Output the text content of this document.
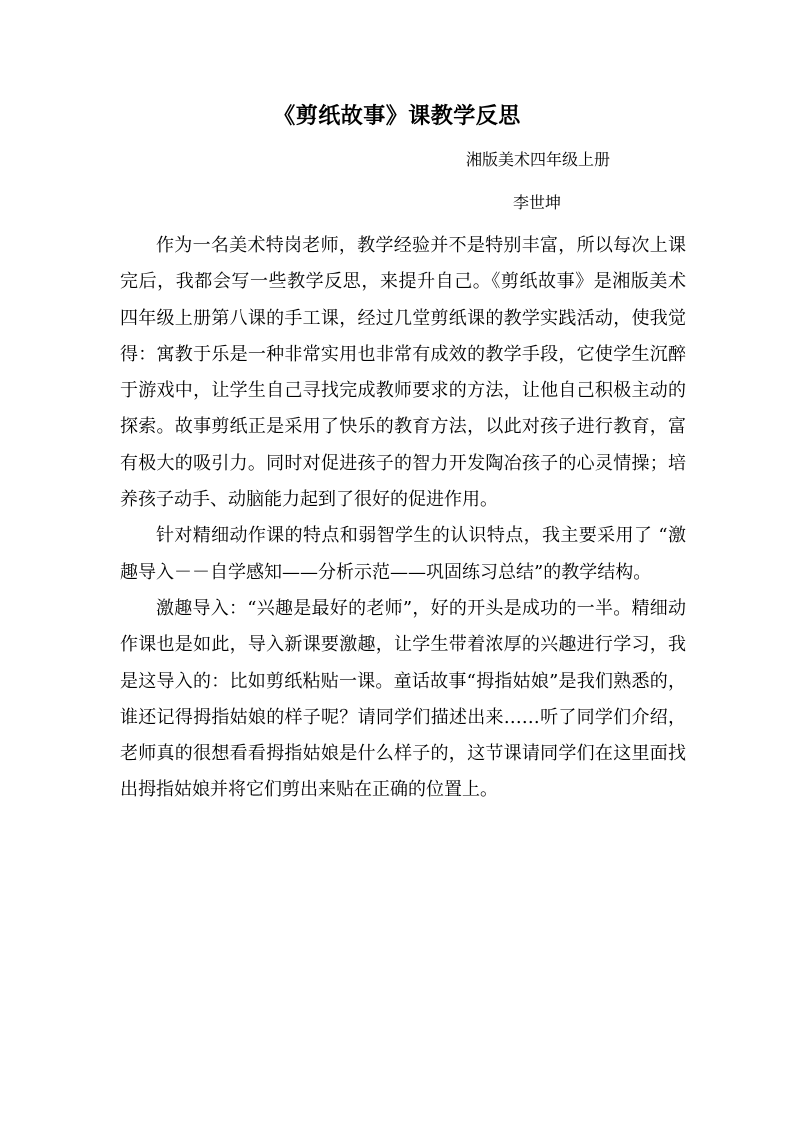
《剪纸故事》课教学反思
湘版美术四年级上册
李世坤

作为一名美术特岗老师，教学经验并不是特别丰富，所以每次上课完后，我都会写一些教学反思，来提升自己。《剪纸故事》是湘版美术四年级上册第八课的手工课，经过几堂剪纸课的教学实践活动，使我觉得：寓教于乐是一种非常实用也非常有成效的教学手段，它使学生沉醉于游戏中，让学生自己寻找完成教师要求的方法，让他自己积极主动的探索。故事剪纸正是采用了快乐的教育方法，以此对孩子进行教育，富有极大的吸引力。同时对促进孩子的智力开发陶冶孩子的心灵情操；培养孩子动手、动脑能力起到了很好的促进作用。

针对精细动作课的特点和弱智学生的认识特点，我主要采用了 “激趣导入－－自学感知——分析示范——巩固练习总结”的教学结构。

激趣导入：“兴趣是最好的老师”，好的开头是成功的一半。精细动作课也是如此，导入新课要激趣，让学生带着浓厚的兴趣进行学习，我是这导入的：比如剪纸粘贴一课。童话故事“拇指姑娘”是我们熟悉的，谁还记得拇指姑娘的样子呢？请同学们描述出来……听了同学们介绍，老师真的很想看看拇指姑娘是什么样子的，这节课请同学们在这里面找出拇指姑娘并将它们剪出来贴在正确的位置上。
